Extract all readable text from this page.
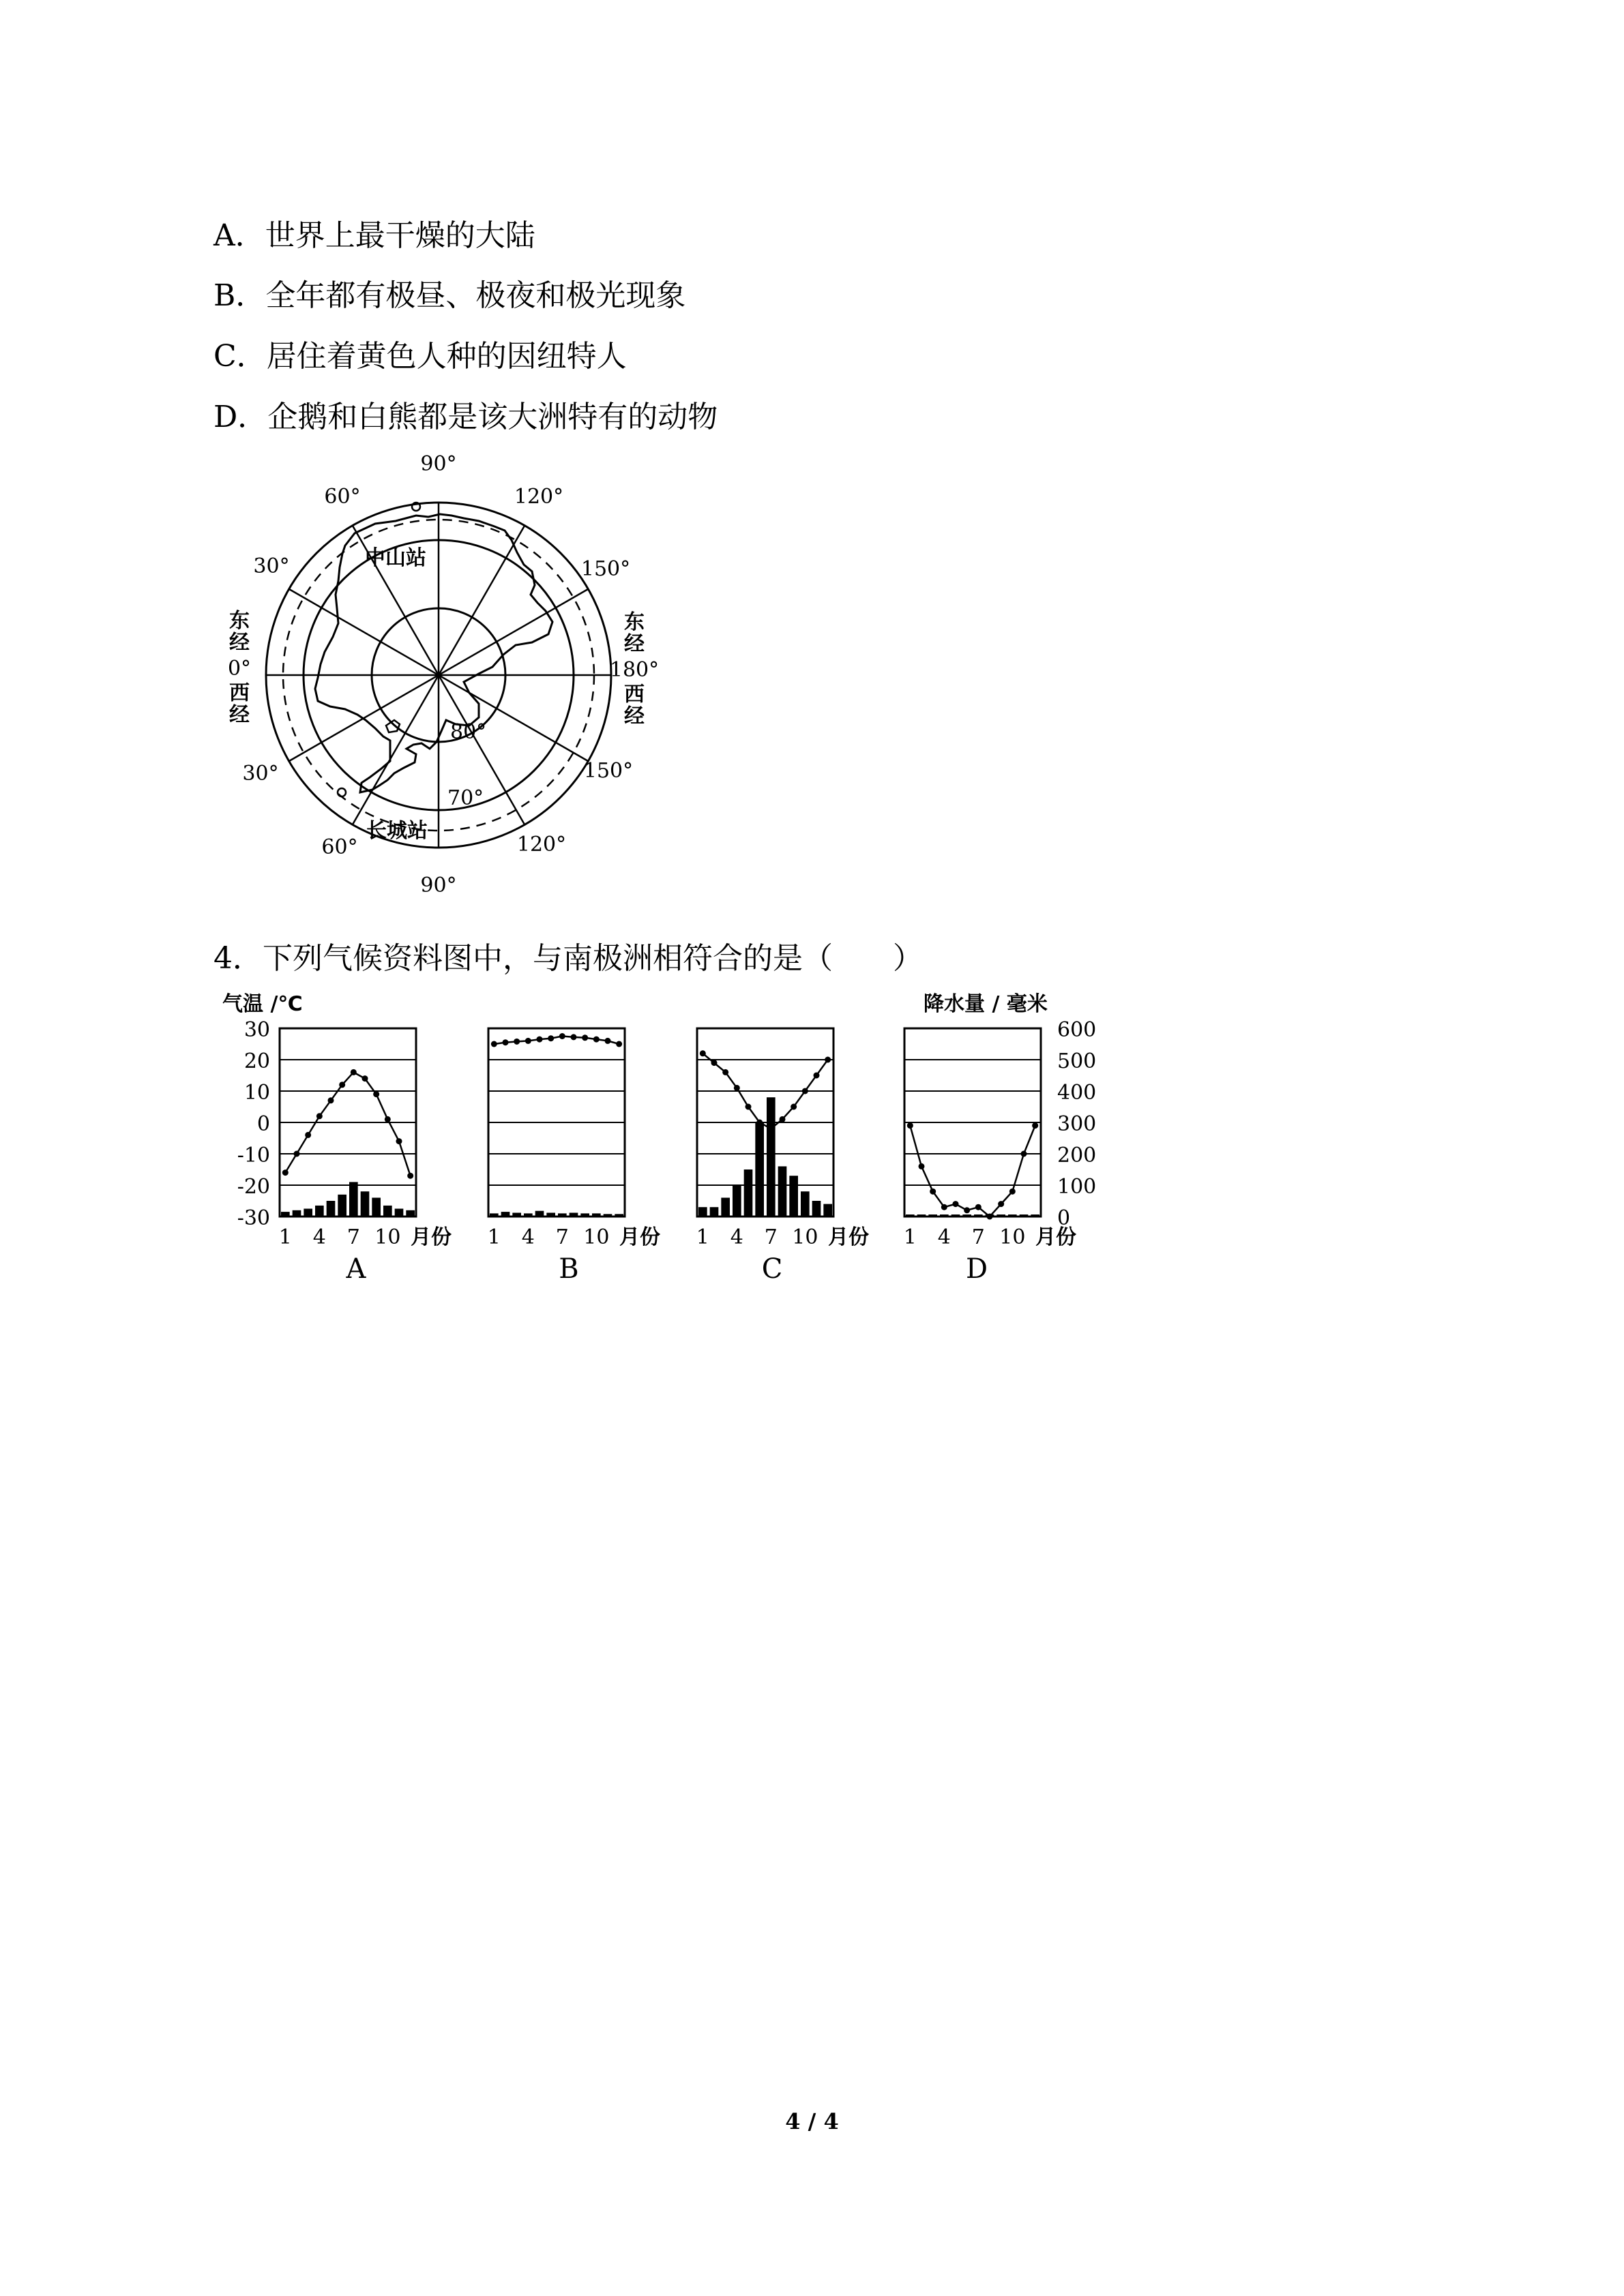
A．世界上最干燥的大陆
B．全年都有极昼、极夜和极光现象
C．居住着黄色人种的因纽特人
D．企鹅和白熊都是该大洲特有的动物
90°
90°
60°	120°
30°	150°
30°	150°
60°	120°
东
经
0°
西
经
东
经
180°
西
经
80°
70°
中山站
长城站
4．下列气候资料图中，与南极洲相符合的是（　　）
气温 /℃	降水量 / 毫米
30
20
10
0
-10
-20
-30
600
500
400
300
200
100
0
1 4 7 10 月份
A
1 4 7 10 月份
B
1 4 7 10 月份
C
1 4 7 10 月份
D
4 / 4
